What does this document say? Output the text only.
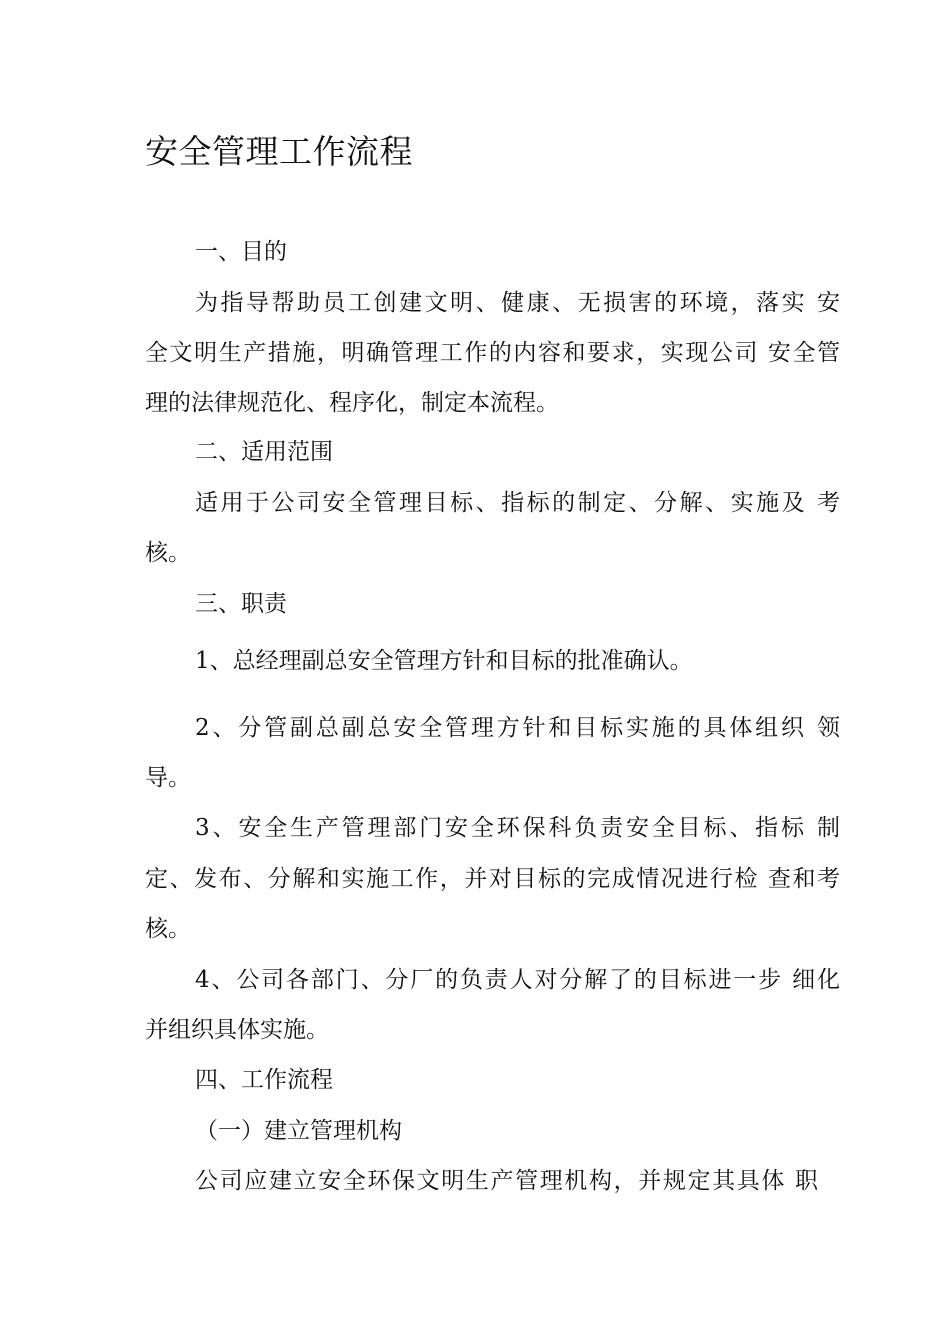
安全管理工作流程
一、目的
为指导帮助员工创建文明、健康、无损害的环境，落实 安
全文明生产措施，明确管理工作的内容和要求，实现公司 安全管
理的法律规范化、程序化，制定本流程。
二、适用范围
适用于公司安全管理目标、指标的制定、分解、实施及 考
核。
三、职责
1、总经理副总安全管理方针和目标的批准确认。
2、分管副总副总安全管理方针和目标实施的具体组织 领
导。
3、安全生产管理部门安全环保科负责安全目标、指标 制
定、发布、分解和实施工作，并对目标的完成情况进行检 查和考
核。
4、公司各部门、分厂的负责人对分解了的目标进一步 细化
并组织具体实施。
四、工作流程
（一）建立管理机构
公司应建立安全环保文明生产管理机构，并规定其具体 职
